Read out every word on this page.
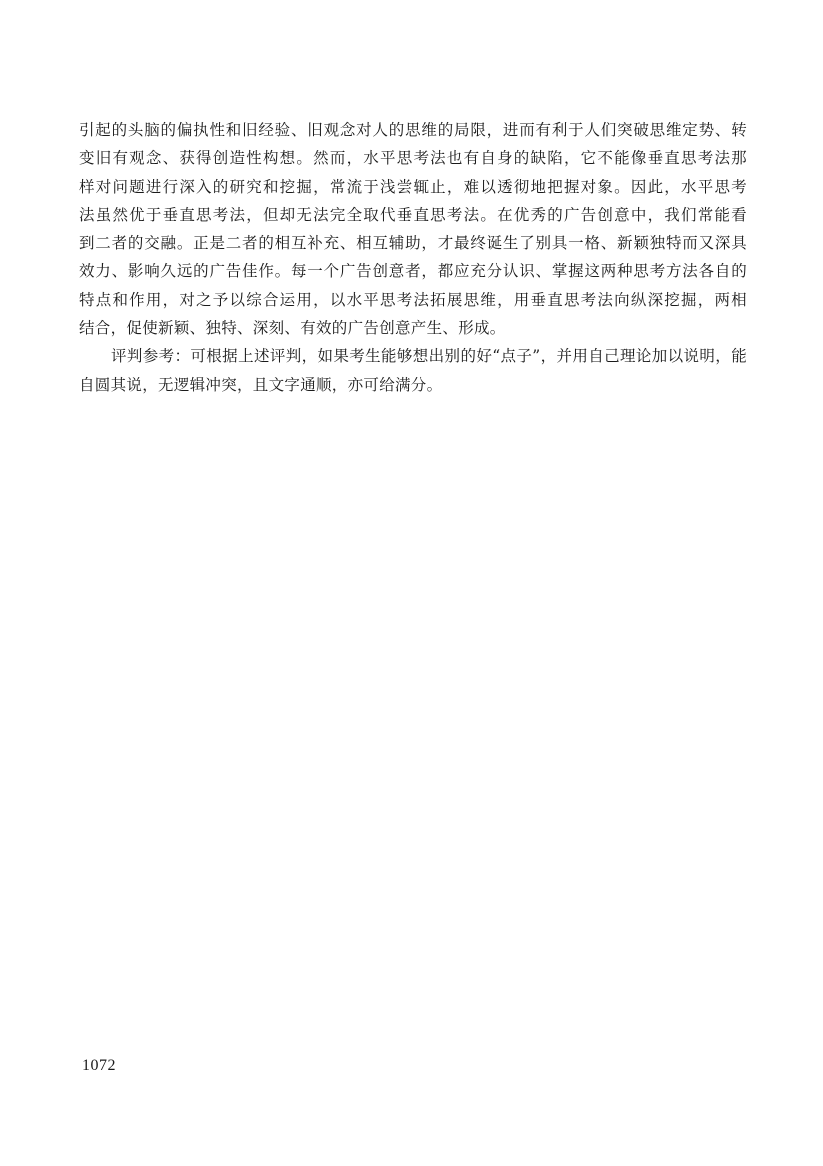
引起的头脑的偏执性和旧经验、旧观念对人的思维的局限，进而有利于人们突破思维定势、转
变旧有观念、获得创造性构想。然而，水平思考法也有自身的缺陷，它不能像垂直思考法那
样对问题进行深入的研究和挖掘，常流于浅尝辄止，难以透彻地把握对象。因此，水平思考
法虽然优于垂直思考法，但却无法完全取代垂直思考法。在优秀的广告创意中，我们常能看
到二者的交融。正是二者的相互补充、相互辅助，才最终诞生了别具一格、新颖独特而又深具
效力、影响久远的广告佳作。每一个广告创意者，都应充分认识、掌握这两种思考方法各自的
特点和作用，对之予以综合运用，以水平思考法拓展思维，用垂直思考法向纵深挖掘，两相
结合，促使新颖、独特、深刻、有效的广告创意产生、形成。
评判参考：可根据上述评判，如果考生能够想出别的好“点子”，并用自己理论加以说明，能
自圆其说，无逻辑冲突，且文字通顺，亦可给满分。
1072
